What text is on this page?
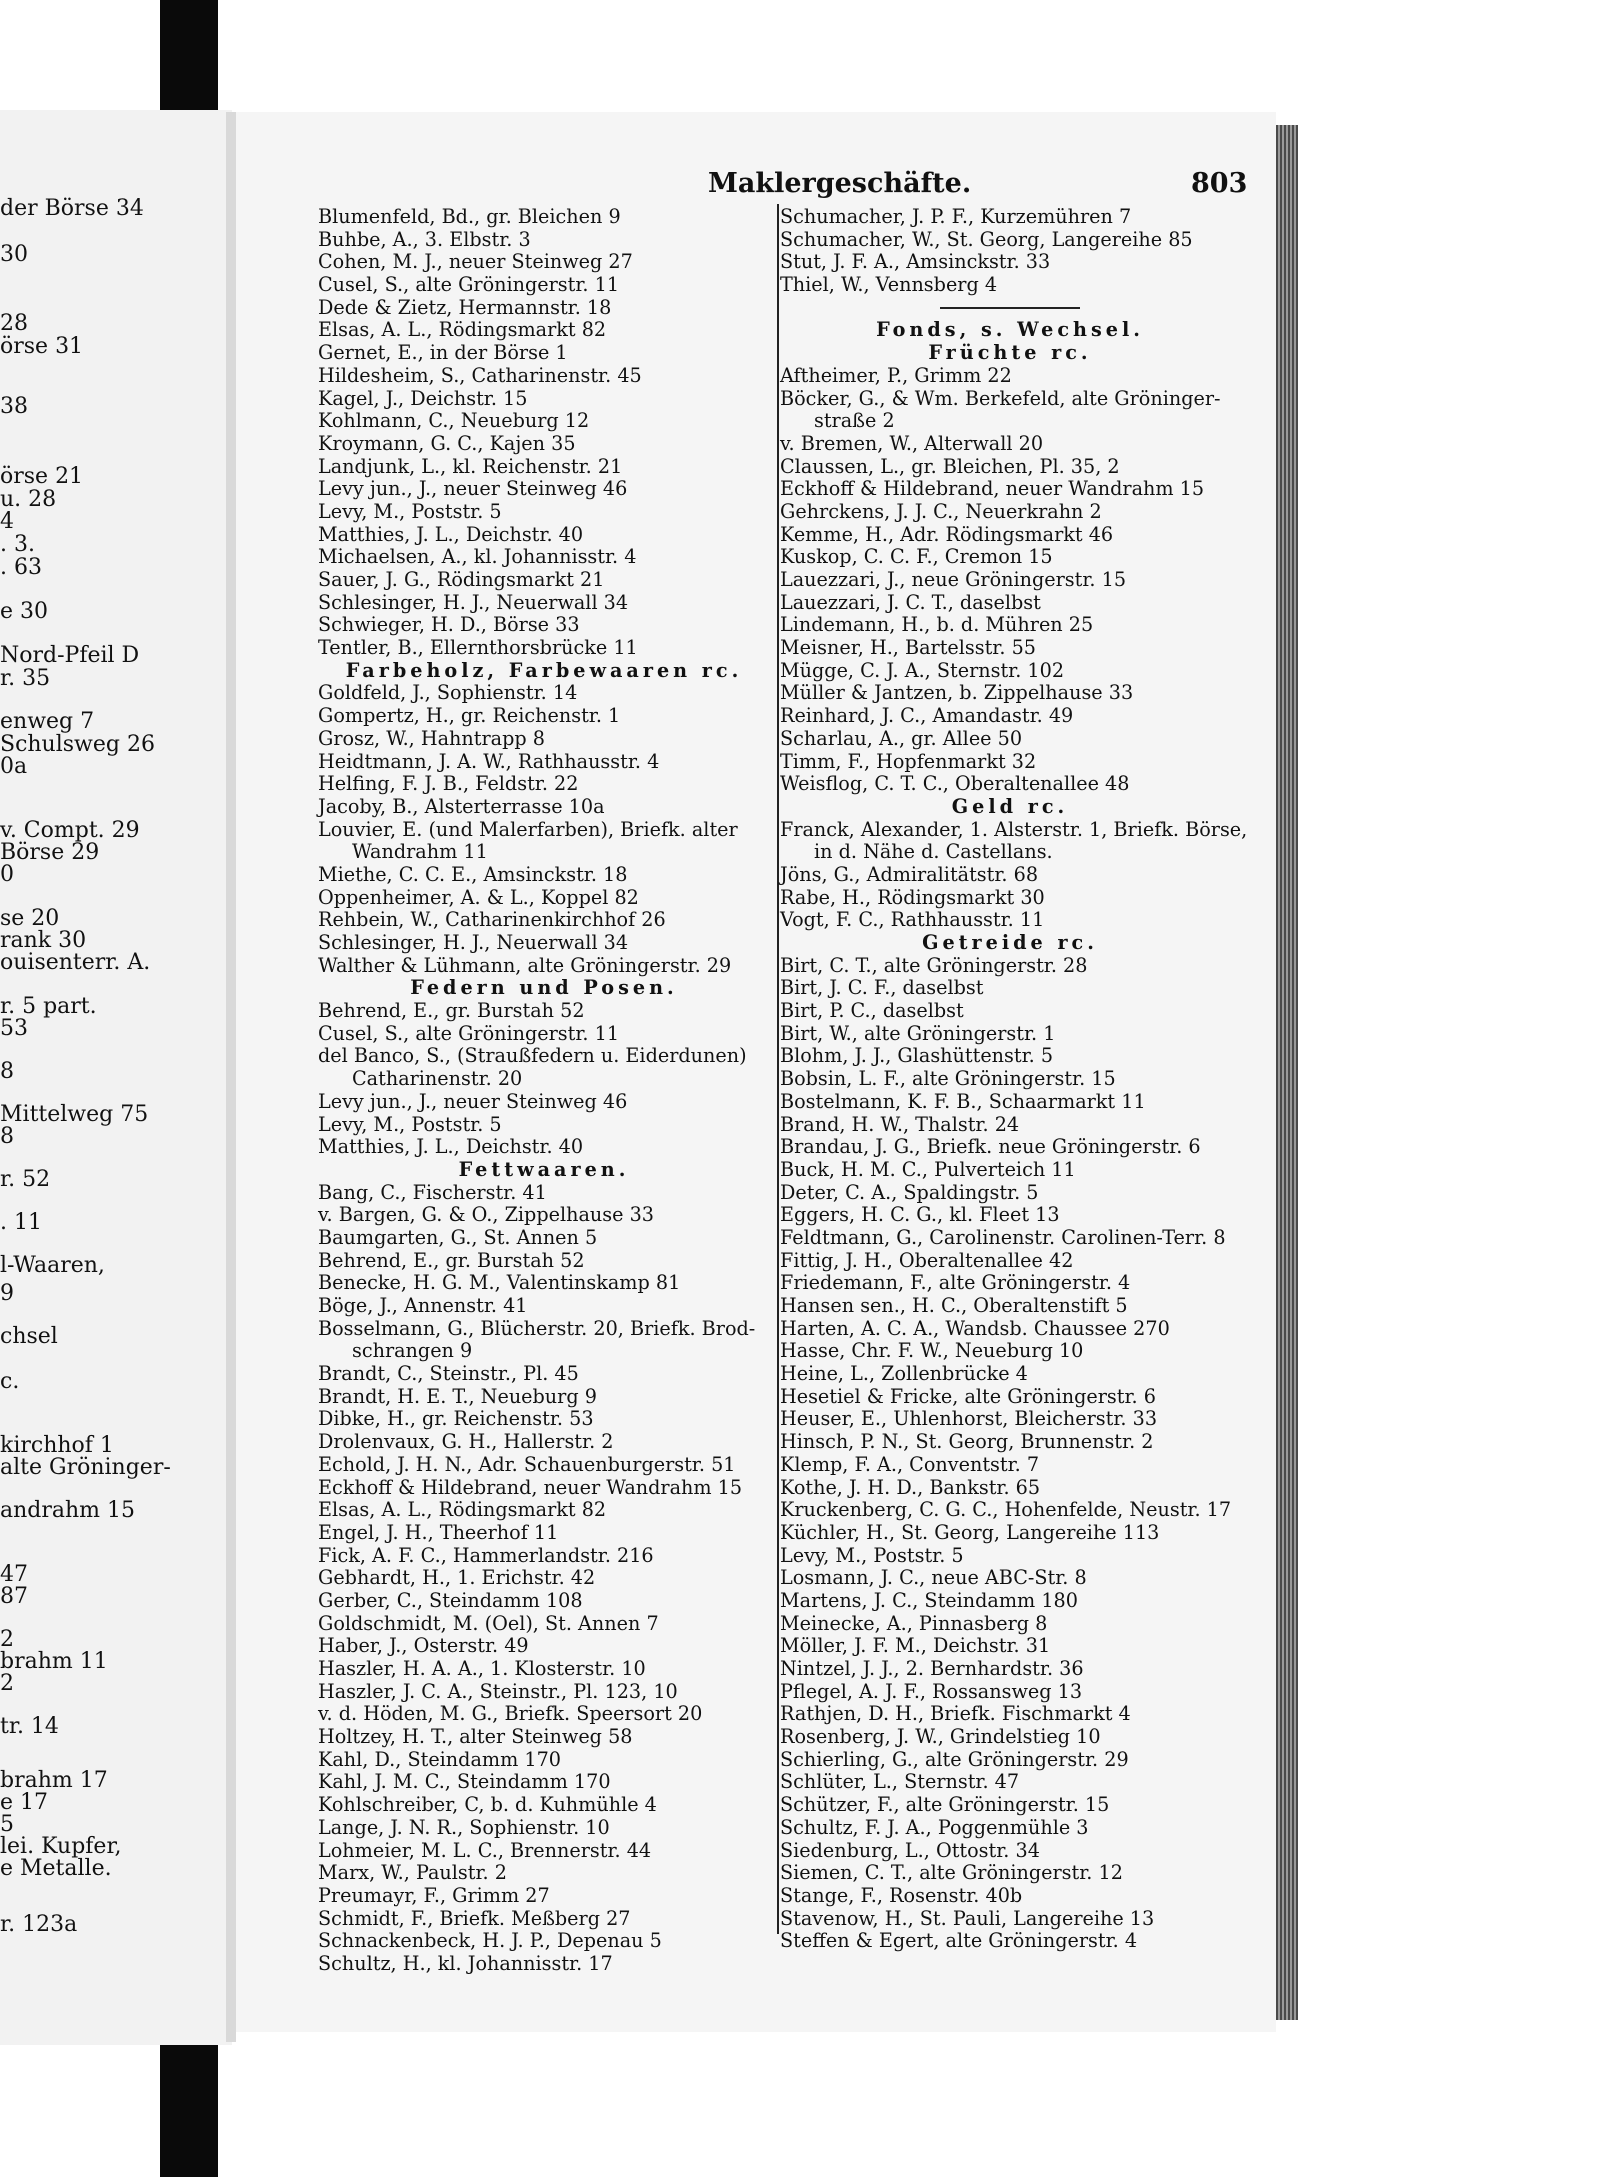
der Börse 34
30
28
örse 31
38
örse 21
u. 28
4
. 3.
. 63
e 30
Nord-Pfeil D
r. 35
enweg 7
Schulsweg 26
0a
v. Compt. 29
Börse 29
0
se 20
rank 30
ouisenterr. A.
r. 5 part.
53
8
Mittelweg 75
8
r. 52
. 11
l-Waaren,
9
chsel
c.
kirchhof 1
alte Gröninger-
andrahm 15
47
87
2
brahm 11
2
tr. 14
brahm 17
e 17
5
lei. Kupfer,
e Metalle.
r. 123a
Maklergeschäfte.	803
Blumenfeld, Bd., gr. Bleichen 9
Buhbe, A., 3. Elbstr. 3
Cohen, M. J., neuer Steinweg 27
Cusel, S., alte Gröningerstr. 11
Dede & Zietz, Hermannstr. 18
Elsas, A. L., Rödingsmarkt 82
Gernet, E., in der Börse 1
Hildesheim, S., Catharinenstr. 45
Kagel, J., Deichstr. 15
Kohlmann, C., Neueburg 12
Kroymann, G. C., Kajen 35
Landjunk, L., kl. Reichenstr. 21
Levy jun., J., neuer Steinweg 46
Levy, M., Poststr. 5
Matthies, J. L., Deichstr. 40
Michaelsen, A., kl. Johannisstr. 4
Sauer, J. G., Rödingsmarkt 21
Schlesinger, H. J., Neuerwall 34
Schwieger, H. D., Börse 33
Tentler, B., Ellernthorsbrücke 11
Farbeholz, Farbewaaren rc.
Goldfeld, J., Sophienstr. 14
Gompertz, H., gr. Reichenstr. 1
Grosz, W., Hahntrapp 8
Heidtmann, J. A. W., Rathhausstr. 4
Helfing, F. J. B., Feldstr. 22
Jacoby, B., Alsterterrasse 10a
Louvier, E. (und Malerfarben), Briefk. alter
Wandrahm 11
Miethe, C. C. E., Amsinckstr. 18
Oppenheimer, A. & L., Koppel 82
Rehbein, W., Catharinenkirchhof 26
Schlesinger, H. J., Neuerwall 34
Walther & Lühmann, alte Gröningerstr. 29
Federn und Posen.
Behrend, E., gr. Burstah 52
Cusel, S., alte Gröningerstr. 11
del Banco, S., (Straußfedern u. Eiderdunen)
Catharinenstr. 20
Levy jun., J., neuer Steinweg 46
Levy, M., Poststr. 5
Matthies, J. L., Deichstr. 40
Fettwaaren.
Bang, C., Fischerstr. 41
v. Bargen, G. & O., Zippelhause 33
Baumgarten, G., St. Annen 5
Behrend, E., gr. Burstah 52
Benecke, H. G. M., Valentinskamp 81
Böge, J., Annenstr. 41
Bosselmann, G., Blücherstr. 20, Briefk. Brod-
schrangen 9
Brandt, C., Steinstr., Pl. 45
Brandt, H. E. T., Neueburg 9
Dibke, H., gr. Reichenstr. 53
Drolenvaux, G. H., Hallerstr. 2
Echold, J. H. N., Adr. Schauenburgerstr. 51
Eckhoff & Hildebrand, neuer Wandrahm 15
Elsas, A. L., Rödingsmarkt 82
Engel, J. H., Theerhof 11
Fick, A. F. C., Hammerlandstr. 216
Gebhardt, H., 1. Erichstr. 42
Gerber, C., Steindamm 108
Goldschmidt, M. (Oel), St. Annen 7
Haber, J., Osterstr. 49
Haszler, H. A. A., 1. Klosterstr. 10
Haszler, J. C. A., Steinstr., Pl. 123, 10
v. d. Höden, M. G., Briefk. Speersort 20
Holtzey, H. T., alter Steinweg 58
Kahl, D., Steindamm 170
Kahl, J. M. C., Steindamm 170
Kohlschreiber, C, b. d. Kuhmühle 4
Lange, J. N. R., Sophienstr. 10
Lohmeier, M. L. C., Brennerstr. 44
Marx, W., Paulstr. 2
Preumayr, F., Grimm 27
Schmidt, F., Briefk. Meßberg 27
Schnackenbeck, H. J. P., Depenau 5
Schultz, H., kl. Johannisstr. 17
Schumacher, J. P. F., Kurzemühren 7
Schumacher, W., St. Georg, Langereihe 85
Stut, J. F. A., Amsinckstr. 33
Thiel, W., Vennsberg 4
Fonds, s. Wechsel.
Früchte rc.
Aftheimer, P., Grimm 22
Böcker, G., & Wm. Berkefeld, alte Gröninger-
straße 2
v. Bremen, W., Alterwall 20
Claussen, L., gr. Bleichen, Pl. 35, 2
Eckhoff & Hildebrand, neuer Wandrahm 15
Gehrckens, J. J. C., Neuerkrahn 2
Kemme, H., Adr. Rödingsmarkt 46
Kuskop, C. C. F., Cremon 15
Lauezzari, J., neue Gröningerstr. 15
Lauezzari, J. C. T., daselbst
Lindemann, H., b. d. Mühren 25
Meisner, H., Bartelsstr. 55
Mügge, C. J. A., Sternstr. 102
Müller & Jantzen, b. Zippelhause 33
Reinhard, J. C., Amandastr. 49
Scharlau, A., gr. Allee 50
Timm, F., Hopfenmarkt 32
Weisflog, C. T. C., Oberaltenallee 48
Geld rc.
Franck, Alexander, 1. Alsterstr. 1, Briefk. Börse,
in d. Nähe d. Castellans.
Jöns, G., Admiralitätstr. 68
Rabe, H., Rödingsmarkt 30
Vogt, F. C., Rathhausstr. 11
Getreide rc.
Birt, C. T., alte Gröningerstr. 28
Birt, J. C. F., daselbst
Birt, P. C., daselbst
Birt, W., alte Gröningerstr. 1
Blohm, J. J., Glashüttenstr. 5
Bobsin, L. F., alte Gröningerstr. 15
Bostelmann, K. F. B., Schaarmarkt 11
Brand, H. W., Thalstr. 24
Brandau, J. G., Briefk. neue Gröningerstr. 6
Buck, H. M. C., Pulverteich 11
Deter, C. A., Spaldingstr. 5
Eggers, H. C. G., kl. Fleet 13
Feldtmann, G., Carolinenstr. Carolinen-Terr. 8
Fittig, J. H., Oberaltenallee 42
Friedemann, F., alte Gröningerstr. 4
Hansen sen., H. C., Oberaltenstift 5
Harten, A. C. A., Wandsb. Chaussee 270
Hasse, Chr. F. W., Neueburg 10
Heine, L., Zollenbrücke 4
Hesetiel & Fricke, alte Gröningerstr. 6
Heuser, E., Uhlenhorst, Bleicherstr. 33
Hinsch, P. N., St. Georg, Brunnenstr. 2
Klemp, F. A., Conventstr. 7
Kothe, J. H. D., Bankstr. 65
Kruckenberg, C. G. C., Hohenfelde, Neustr. 17
Küchler, H., St. Georg, Langereihe 113
Levy, M., Poststr. 5
Losmann, J. C., neue ABC-Str. 8
Martens, J. C., Steindamm 180
Meinecke, A., Pinnasberg 8
Möller, J. F. M., Deichstr. 31
Nintzel, J. J., 2. Bernhardstr. 36
Pflegel, A. J. F., Rossansweg 13
Rathjen, D. H., Briefk. Fischmarkt 4
Rosenberg, J. W., Grindelstieg 10
Schierling, G., alte Gröningerstr. 29
Schlüter, L., Sternstr. 47
Schützer, F., alte Gröningerstr. 15
Schultz, F. J. A., Poggenmühle 3
Siedenburg, L., Ottostr. 34
Siemen, C. T., alte Gröningerstr. 12
Stange, F., Rosenstr. 40b
Stavenow, H., St. Pauli, Langereihe 13
Steffen & Egert, alte Gröningerstr. 4
